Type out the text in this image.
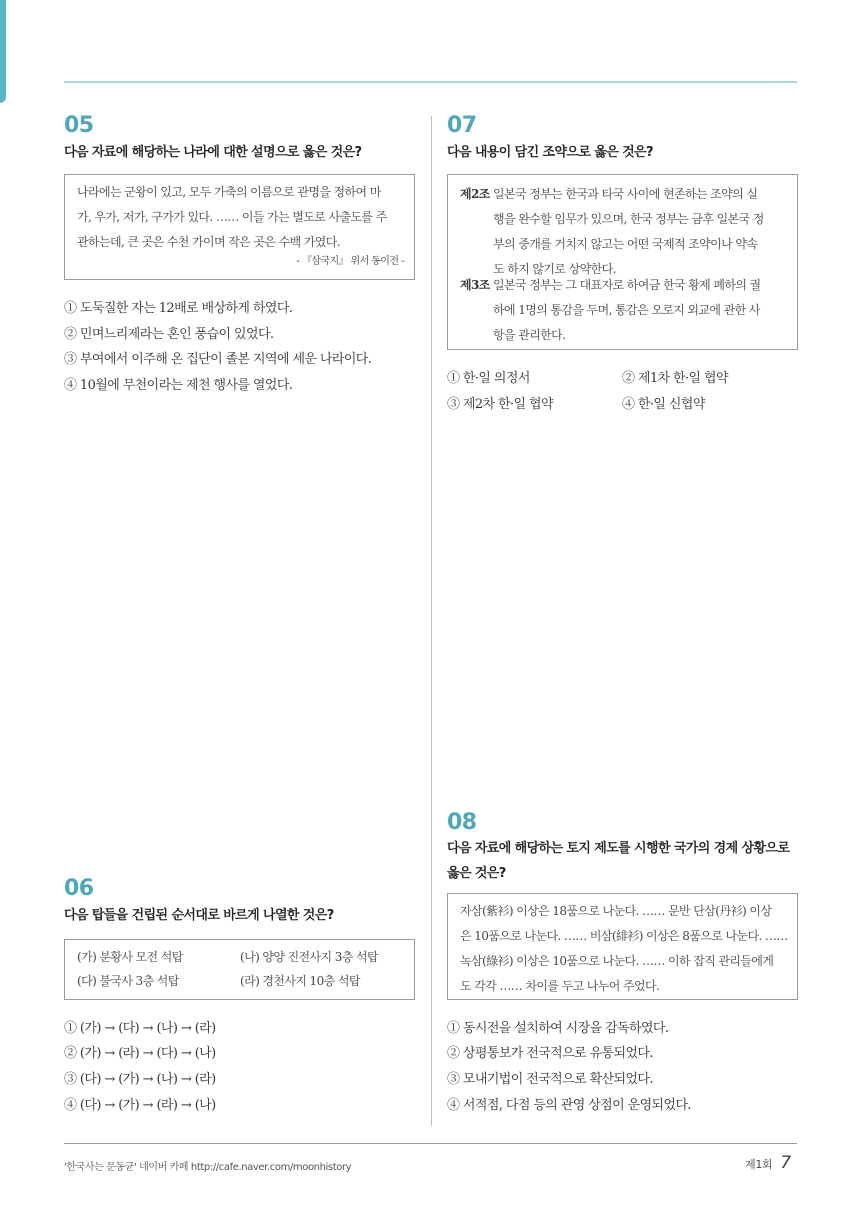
05
다음 자료에 해당하는 나라에 대한 설명으로 옳은 것은?
나라에는 군왕이 있고, 모두 가축의 이름으로 관명을 정하여 마
가, 우가, 저가, 구가가 있다. …… 이들 가는 별도로 사출도를 주
관하는데, 큰 곳은 수천 가이며 작은 곳은 수백 가였다.
- 『삼국지』 위서 동이전 -
① 도둑질한 자는 12배로 배상하게 하였다.
② 민며느리제라는 혼인 풍습이 있었다.
③ 부여에서 이주해 온 집단이 졸본 지역에 세운 나라이다.
④ 10월에 무천이라는 제천 행사를 열었다.
07
다음 내용이 담긴 조약으로 옳은 것은?
제2조 일본국 정부는 한국과 타국 사이에 현존하는 조약의 실
행을 완수할 임무가 있으며, 한국 정부는 금후 일본국 정
부의 중개를 거치지 않고는 어떤 국제적 조약이나 약속
도 하지 않기로 상약한다.
제3조 일본국 정부는 그 대표자로 하여금 한국 황제 폐하의 궐
하에 1명의 통감을 두며, 통감은 오로지 외교에 관한 사
항을 관리한다.
① 한·일 의정서	② 제1차 한·일 협약
③ 제2차 한·일 협약	④ 한·일 신협약
08
다음 자료에 해당하는 토지 제도를 시행한 국가의 경제 상황으로
옳은 것은?
자삼(紫衫) 이상은 18품으로 나눈다. …… 문반 단삼(丹衫) 이상
은 10품으로 나눈다. …… 비삼(緋衫) 이상은 8품으로 나눈다. ……
녹삼(綠衫) 이상은 10품으로 나눈다. …… 이하 잡직 관리들에게
도 각각 …… 차이를 두고 나누어 주었다.
① 동시전을 설치하여 시장을 감독하였다.
② 상평통보가 전국적으로 유통되었다.
③ 모내기법이 전국적으로 확산되었다.
④ 서적점, 다점 등의 관영 상점이 운영되었다.
06
다음 탑들을 건립된 순서대로 바르게 나열한 것은?
(가) 분황사 모전 석탑	(나) 양양 진전사지 3층 석탑
(다) 불국사 3층 석탑	(라) 경천사지 10층 석탑
① (가) → (다) → (나) → (라)
② (가) → (라) → (다) → (나)
③ (다) → (가) → (나) → (라)
④ (다) → (가) → (라) → (나)
'한국사는 문동균' 네이버 카페 http://cafe.naver.com/moonhistory	제1회 7
